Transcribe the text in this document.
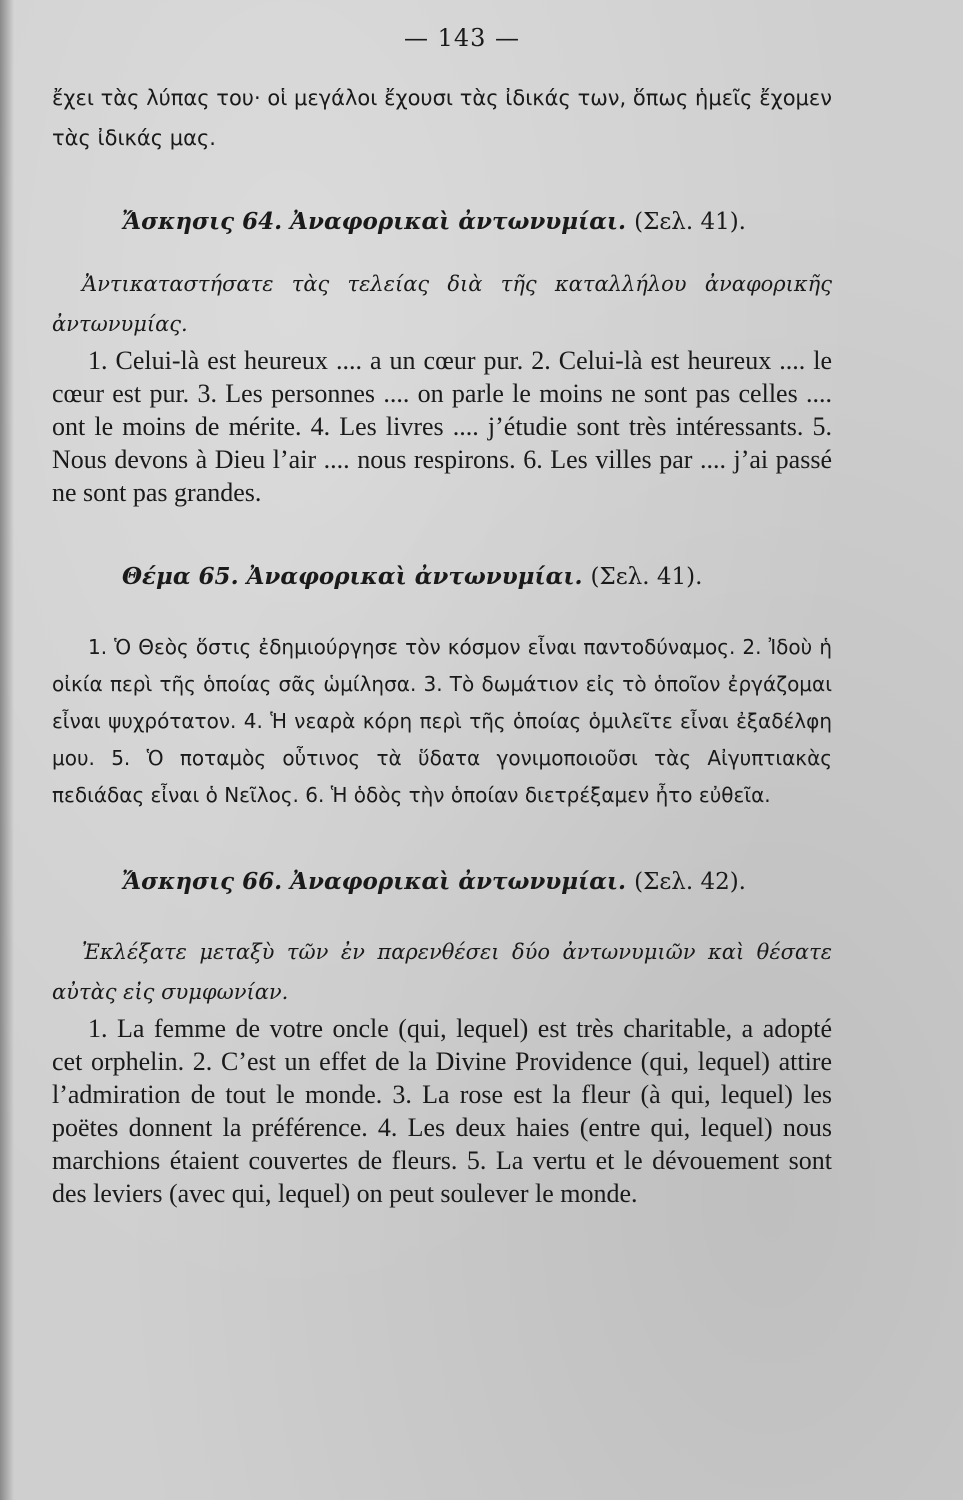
— 143 —

ἔχει τὰς λύπας του· οἱ μεγάλοι ἔχουσι τὰς ἰδικάς των, ὅπως ἡμεῖς ἔχομεν τὰς ἰδικάς μας.

Ἄσκησις 64. Ἀναφορικαὶ ἀντωνυμίαι. (Σελ. 41).

Ἀντικαταστήσατε τὰς τελείας διὰ τῆς καταλλήλου ἀναφορικῆς ἀντωνυμίας.

1. Celui-là est heureux .... a un cœur pur. 2. Celui-là est heureux .... le cœur est pur. 3. Les personnes .... on parle le moins ne sont pas celles .... ont le moins de mérite. 4. Les livres .... j’étudie sont très intéressants. 5. Nous devons à Dieu l’air .... nous respirons. 6. Les villes par .... j’ai passé ne sont pas grandes.

Θέμα 65. Ἀναφορικαὶ ἀντωνυμίαι. (Σελ. 41).

1. Ὁ Θεὸς ὅστις ἐδημιούργησε τὸν κόσμον εἶναι παντοδύναμος. 2. Ἰδοὺ ἡ οἰκία περὶ τῆς ὁποίας σᾶς ὡμίλησα. 3. Τὸ δωμάτιον εἰς τὸ ὁποῖον ἐργάζομαι εἶναι ψυχρότατον. 4. Ἡ νεαρὰ κόρη περὶ τῆς ὁποίας ὁμιλεῖτε εἶναι ἐξαδέλφη μου. 5. Ὁ ποταμὸς οὗτινος τὰ ὕδατα γονιμοποιοῦσι τὰς Αἰγυπτιακὰς πεδιάδας εἶναι ὁ Νεῖλος. 6. Ἡ ὁδὸς τὴν ὁποίαν διετρέξαμεν ἦτο εὐθεῖα.

Ἄσκησις 66. Ἀναφορικαὶ ἀντωνυμίαι. (Σελ. 42).

Ἐκλέξατε μεταξὺ τῶν ἐν παρενθέσει δύο ἀντωνυμιῶν καὶ θέσατε αὐτὰς εἰς συμφωνίαν.

1. La femme de votre oncle (qui, lequel) est très charitable, a adopté cet orphelin. 2. C’est un effet de la Divine Providence (qui, lequel) attire l’admiration de tout le monde. 3. La rose est la fleur (à qui, lequel) les poëtes donnent la préférence. 4. Les deux haies (entre qui, lequel) nous marchions étaient couvertes de fleurs. 5. La vertu et le dévouement sont des leviers (avec qui, lequel) on peut soulever le monde.
